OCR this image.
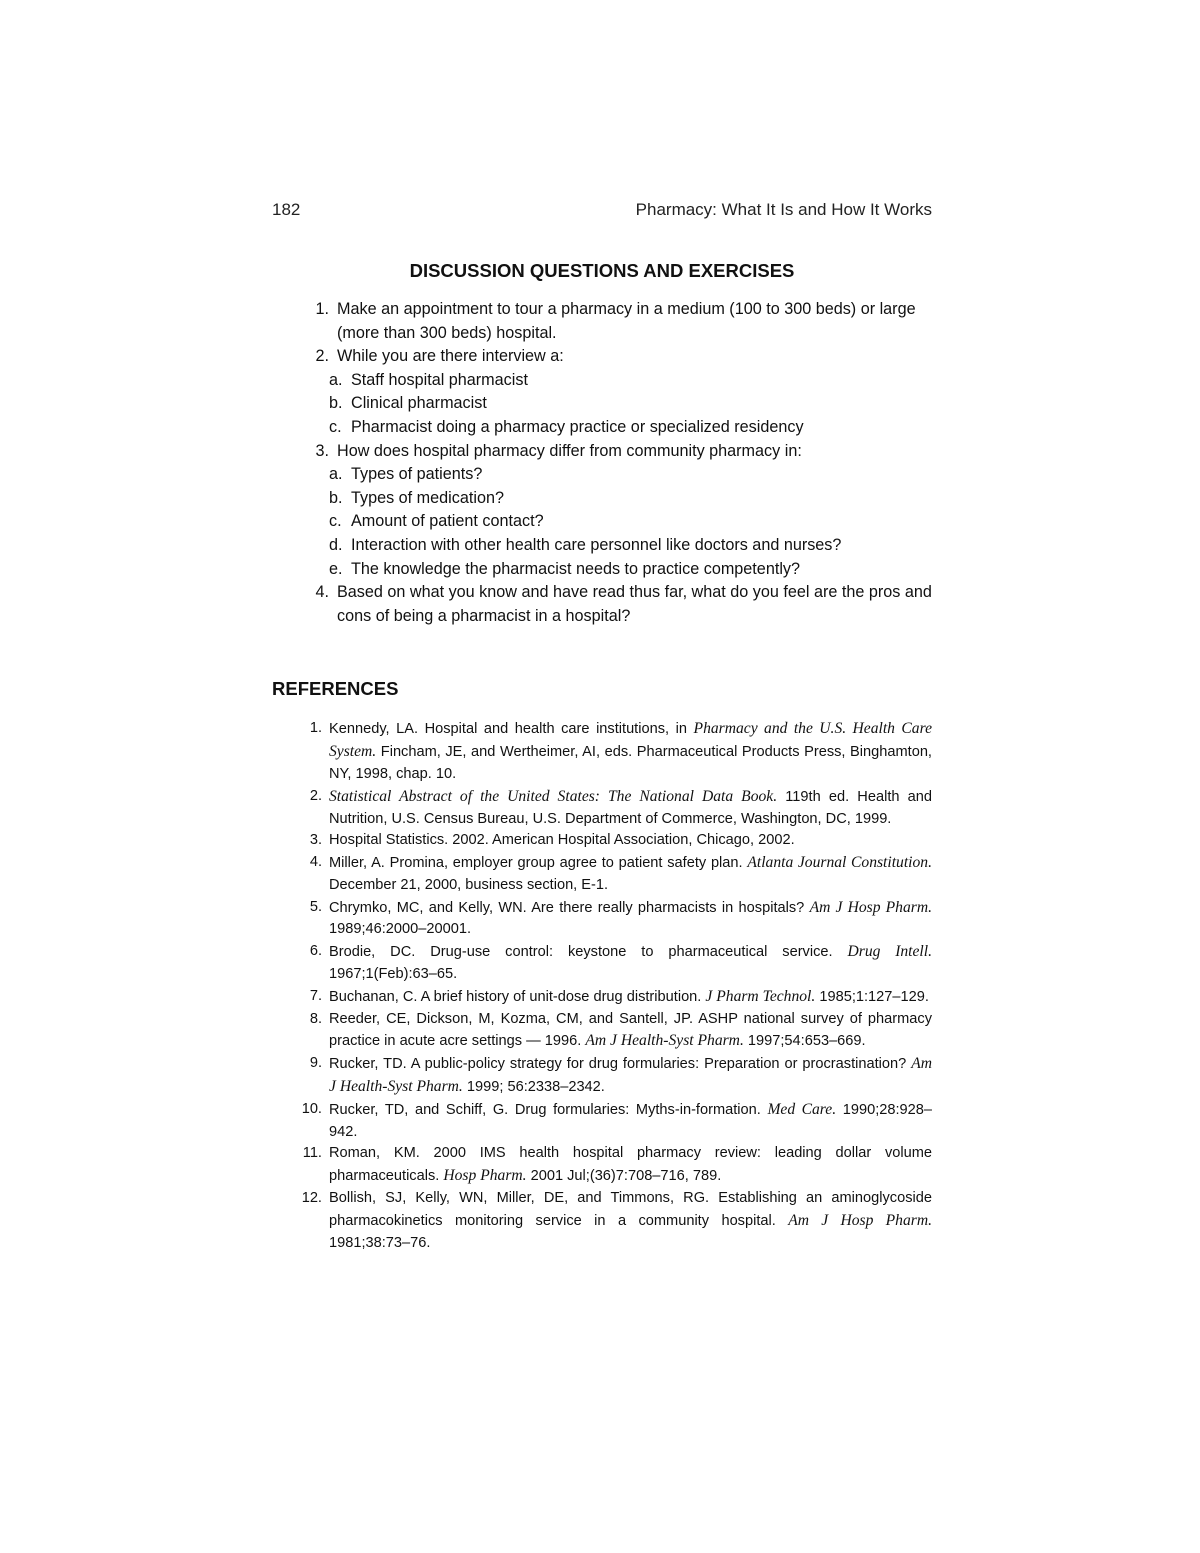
182	Pharmacy: What It Is and How It Works
DISCUSSION QUESTIONS AND EXERCISES
1. Make an appointment to tour a pharmacy in a medium (100 to 300 beds) or large (more than 300 beds) hospital.
2. While you are there interview a:
a. Staff hospital pharmacist
b. Clinical pharmacist
c. Pharmacist doing a pharmacy practice or specialized residency
3. How does hospital pharmacy differ from community pharmacy in:
a. Types of patients?
b. Types of medication?
c. Amount of patient contact?
d. Interaction with other health care personnel like doctors and nurses?
e. The knowledge the pharmacist needs to practice competently?
4. Based on what you know and have read thus far, what do you feel are the pros and cons of being a pharmacist in a hospital?
REFERENCES
1. Kennedy, LA. Hospital and health care institutions, in Pharmacy and the U.S. Health Care System. Fincham, JE, and Wertheimer, AI, eds. Pharmaceutical Products Press, Binghamton, NY, 1998, chap. 10.
2. Statistical Abstract of the United States: The National Data Book. 119th ed. Health and Nutrition, U.S. Census Bureau, U.S. Department of Commerce, Washington, DC, 1999.
3. Hospital Statistics. 2002. American Hospital Association, Chicago, 2002.
4. Miller, A. Promina, employer group agree to patient safety plan. Atlanta Journal Constitution. December 21, 2000, business section, E-1.
5. Chrymko, MC, and Kelly, WN. Are there really pharmacists in hospitals? Am J Hosp Pharm. 1989;46:2000–20001.
6. Brodie, DC. Drug-use control: keystone to pharmaceutical service. Drug Intell. 1967;1(Feb):63–65.
7. Buchanan, C. A brief history of unit-dose drug distribution. J Pharm Technol. 1985;1:127–129.
8. Reeder, CE, Dickson, M, Kozma, CM, and Santell, JP. ASHP national survey of pharmacy practice in acute acre settings — 1996. Am J Health-Syst Pharm. 1997;54:653–669.
9. Rucker, TD. A public-policy strategy for drug formularies: Preparation or procrastination? Am J Health-Syst Pharm. 1999; 56:2338–2342.
10. Rucker, TD, and Schiff, G. Drug formularies: Myths-in-formation. Med Care. 1990;28:928–942.
11. Roman, KM. 2000 IMS health hospital pharmacy review: leading dollar volume pharmaceuticals. Hosp Pharm. 2001 Jul;(36)7:708–716, 789.
12. Bollish, SJ, Kelly, WN, Miller, DE, and Timmons, RG. Establishing an aminoglycoside pharmacokinetics monitoring service in a community hospital. Am J Hosp Pharm. 1981;38:73–76.
